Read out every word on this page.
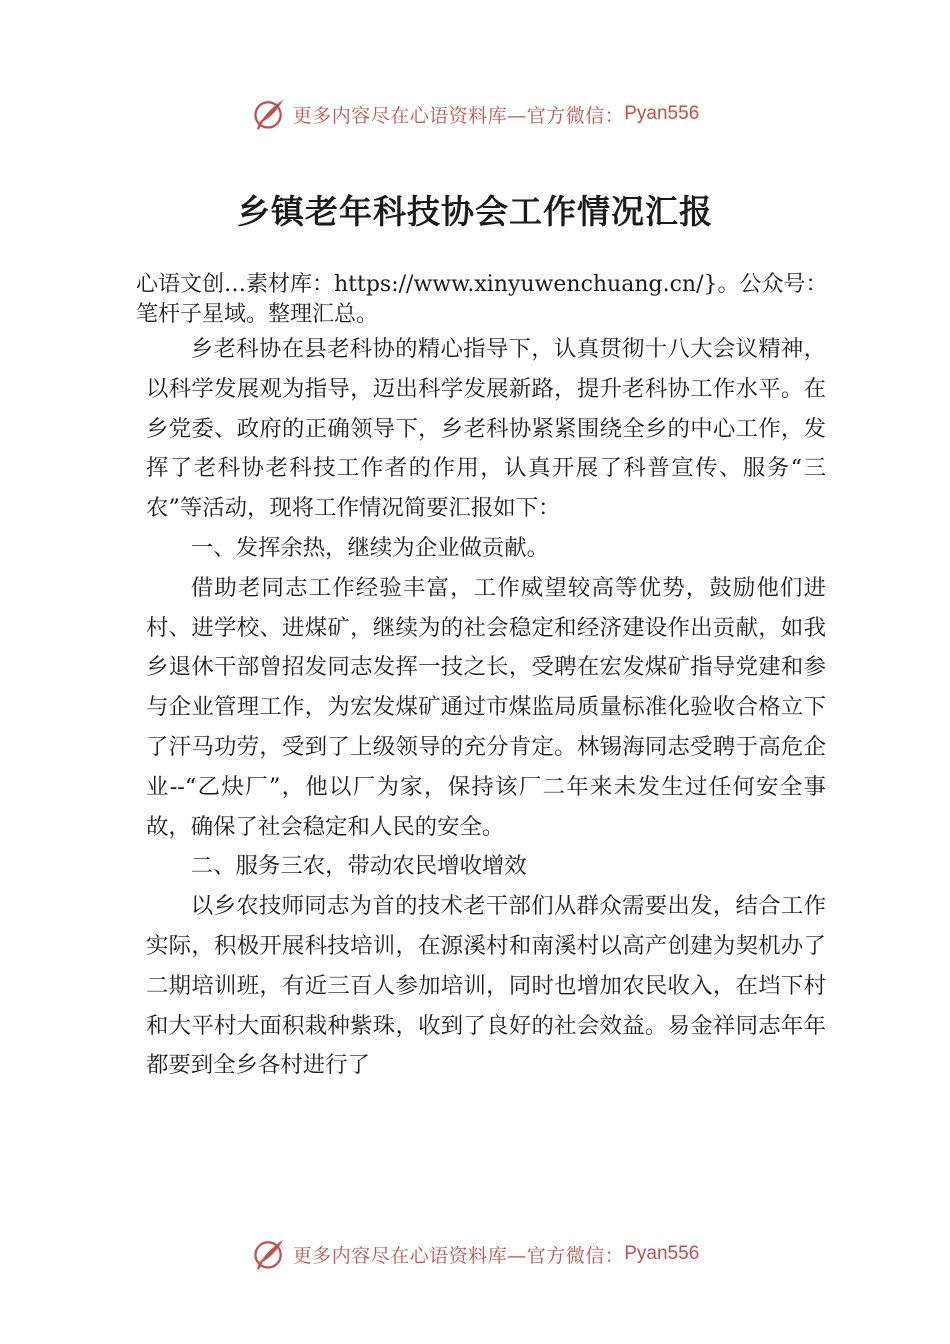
更多内容尽在心语资料库—官方微信： Pyan556
乡镇老年科技协会工作情况汇报
心语文创…素材库：https://www.xinyuwenchuang.cn/}。公众号：笔杆子星域。整理汇总。

乡老科协在县老科协的精心指导下，认真贯彻十八大会议精神，以科学发展观为指导，迈出科学发展新路，提升老科协工作水平。在乡党委、政府的正确领导下，乡老科协紧紧围绕全乡的中心工作，发挥了老科协老科技工作者的作用，认真开展了科普宣传、服务“三农”等活动，现将工作情况简要汇报如下：

一、发挥余热，继续为企业做贡献。

借助老同志工作经验丰富，工作威望较高等优势，鼓励他们进村、进学校、进煤矿，继续为的社会稳定和经济建设作出贡献，如我乡退休干部曾招发同志发挥一技之长，受聘在宏发煤矿指导党建和参与企业管理工作，为宏发煤矿通过市煤监局质量标准化验收合格立下了汗马功劳，受到了上级领导的充分肯定。林锡海同志受聘于高危企业--“乙炔厂”，他以厂为家，保持该厂二年来未发生过任何安全事故，确保了社会稳定和人民的安全。

二、服务三农，带动农民增收增效

以乡农技师同志为首的技术老干部们从群众需要出发，结合工作实际，积极开展科技培训，在源溪村和南溪村以高产创建为契机办了二期培训班，有近三百人参加培训，同时也增加农民收入，在垱下村和大平村大面积栽种紫珠，收到了良好的社会效益。易金祥同志年年都要到全乡各村进行了

更多内容尽在心语资料库—官方微信： Pyan556
